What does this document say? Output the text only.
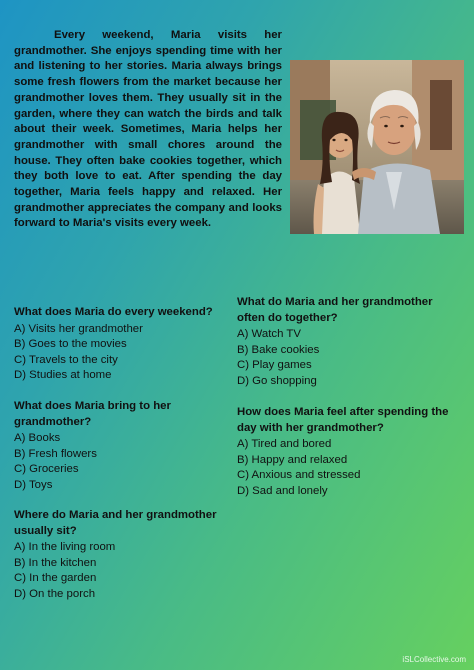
Every weekend, Maria visits her grandmother. She enjoys spending time with her and listening to her stories. Maria always brings some fresh flowers from the market because her grandmother loves them. They usually sit in the garden, where they can watch the birds and talk about their week. Sometimes, Maria helps her grandmother with small chores around the house. They often bake cookies together, which they both love to eat. After spending the day together, Maria feels happy and relaxed. Her grandmother appreciates the company and looks forward to Maria's visits every week.

What does Maria do every weekend?
A) Visits her grandmother
B) Goes to the movies
C) Travels to the city
D) Studies at home
What does Maria bring to her grandmother?
A) Books
B) Fresh flowers
C) Groceries
D) Toys
Where do Maria and her grandmother usually sit?
A) In the living room
B) In the kitchen
C) In the garden
D) On the porch
What do Maria and her grandmother often do together?
A) Watch TV
B) Bake cookies
C) Play games
D) Go shopping
How does Maria feel after spending the day with her grandmother?
A) Tired and bored
B) Happy and relaxed
C) Anxious and stressed
D) Sad and lonely
iSLCollective.com
